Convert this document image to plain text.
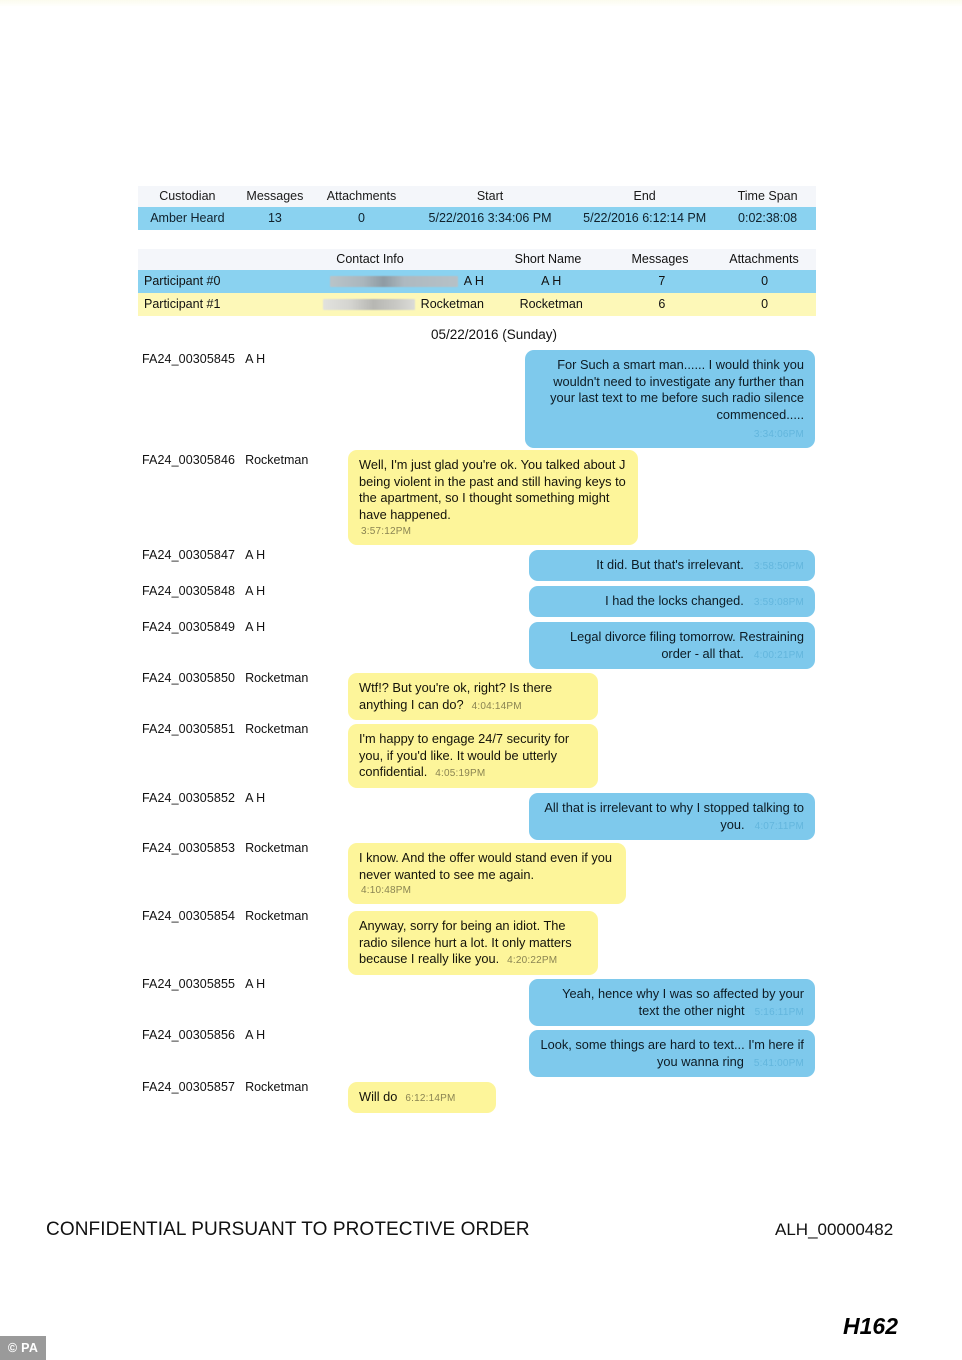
Custodian	Messages	Attachments	Start	End	Time Span
Amber Heard	13	0	5/22/2016 3:34:06 PM	5/22/2016 6:12:14 PM	0:02:38:08
Contact Info	Short Name	Messages	Attachments
Participant #0	A H	A H	7	0
Participant #1	Rocketman	Rocketman	6	0
05/22/2016 (Sunday)
FA24_00305845 A H	For Such a smart man...... I would think you wouldn't need to investigate any further than your last text to me before such radio silence commenced.....
3:34:06PM
FA24_00305846 Rocketman	Well, I'm just glad you're ok. You talked about J being violent in the past and still having keys to the apartment, so I thought something might have happened.
3:57:12PM
FA24_00305847 A H
It did. But that's irrelevant. 3:58:50PM
FA24_00305848 A H
I had the locks changed. 3:59:08PM
FA24_00305849 A H
Legal divorce filing tomorrow. Restraining order - all that. 4:00:21PM
FA24_00305850 Rocketman
Wtf!? But you're ok, right? Is there anything I can do? 4:04:14PM
FA24_00305851 Rocketman
I'm happy to engage 24/7 security for you, if you'd like. It would be utterly confidential. 4:05:19PM
FA24_00305852 A H
All that is irrelevant to why I stopped talking to you. 4:07:11PM
FA24_00305853 Rocketman
I know. And the offer would stand even if you never wanted to see me again.
4:10:48PM
FA24_00305854 Rocketman
Anyway, sorry for being an idiot. The radio silence hurt a lot. It only matters because I really like you. 4:20:22PM
FA24_00305855 A H
Yeah, hence why I was so affected by your text the other night 5:16:11PM
FA24_00305856 A H
Look, some things are hard to text... I'm here if you wanna ring 5:41:00PM
FA24_00305857 Rocketman
Will do 6:12:14PM
CONFIDENTIAL PURSUANT TO PROTECTIVE ORDER	ALH_00000482
H162
© PA
